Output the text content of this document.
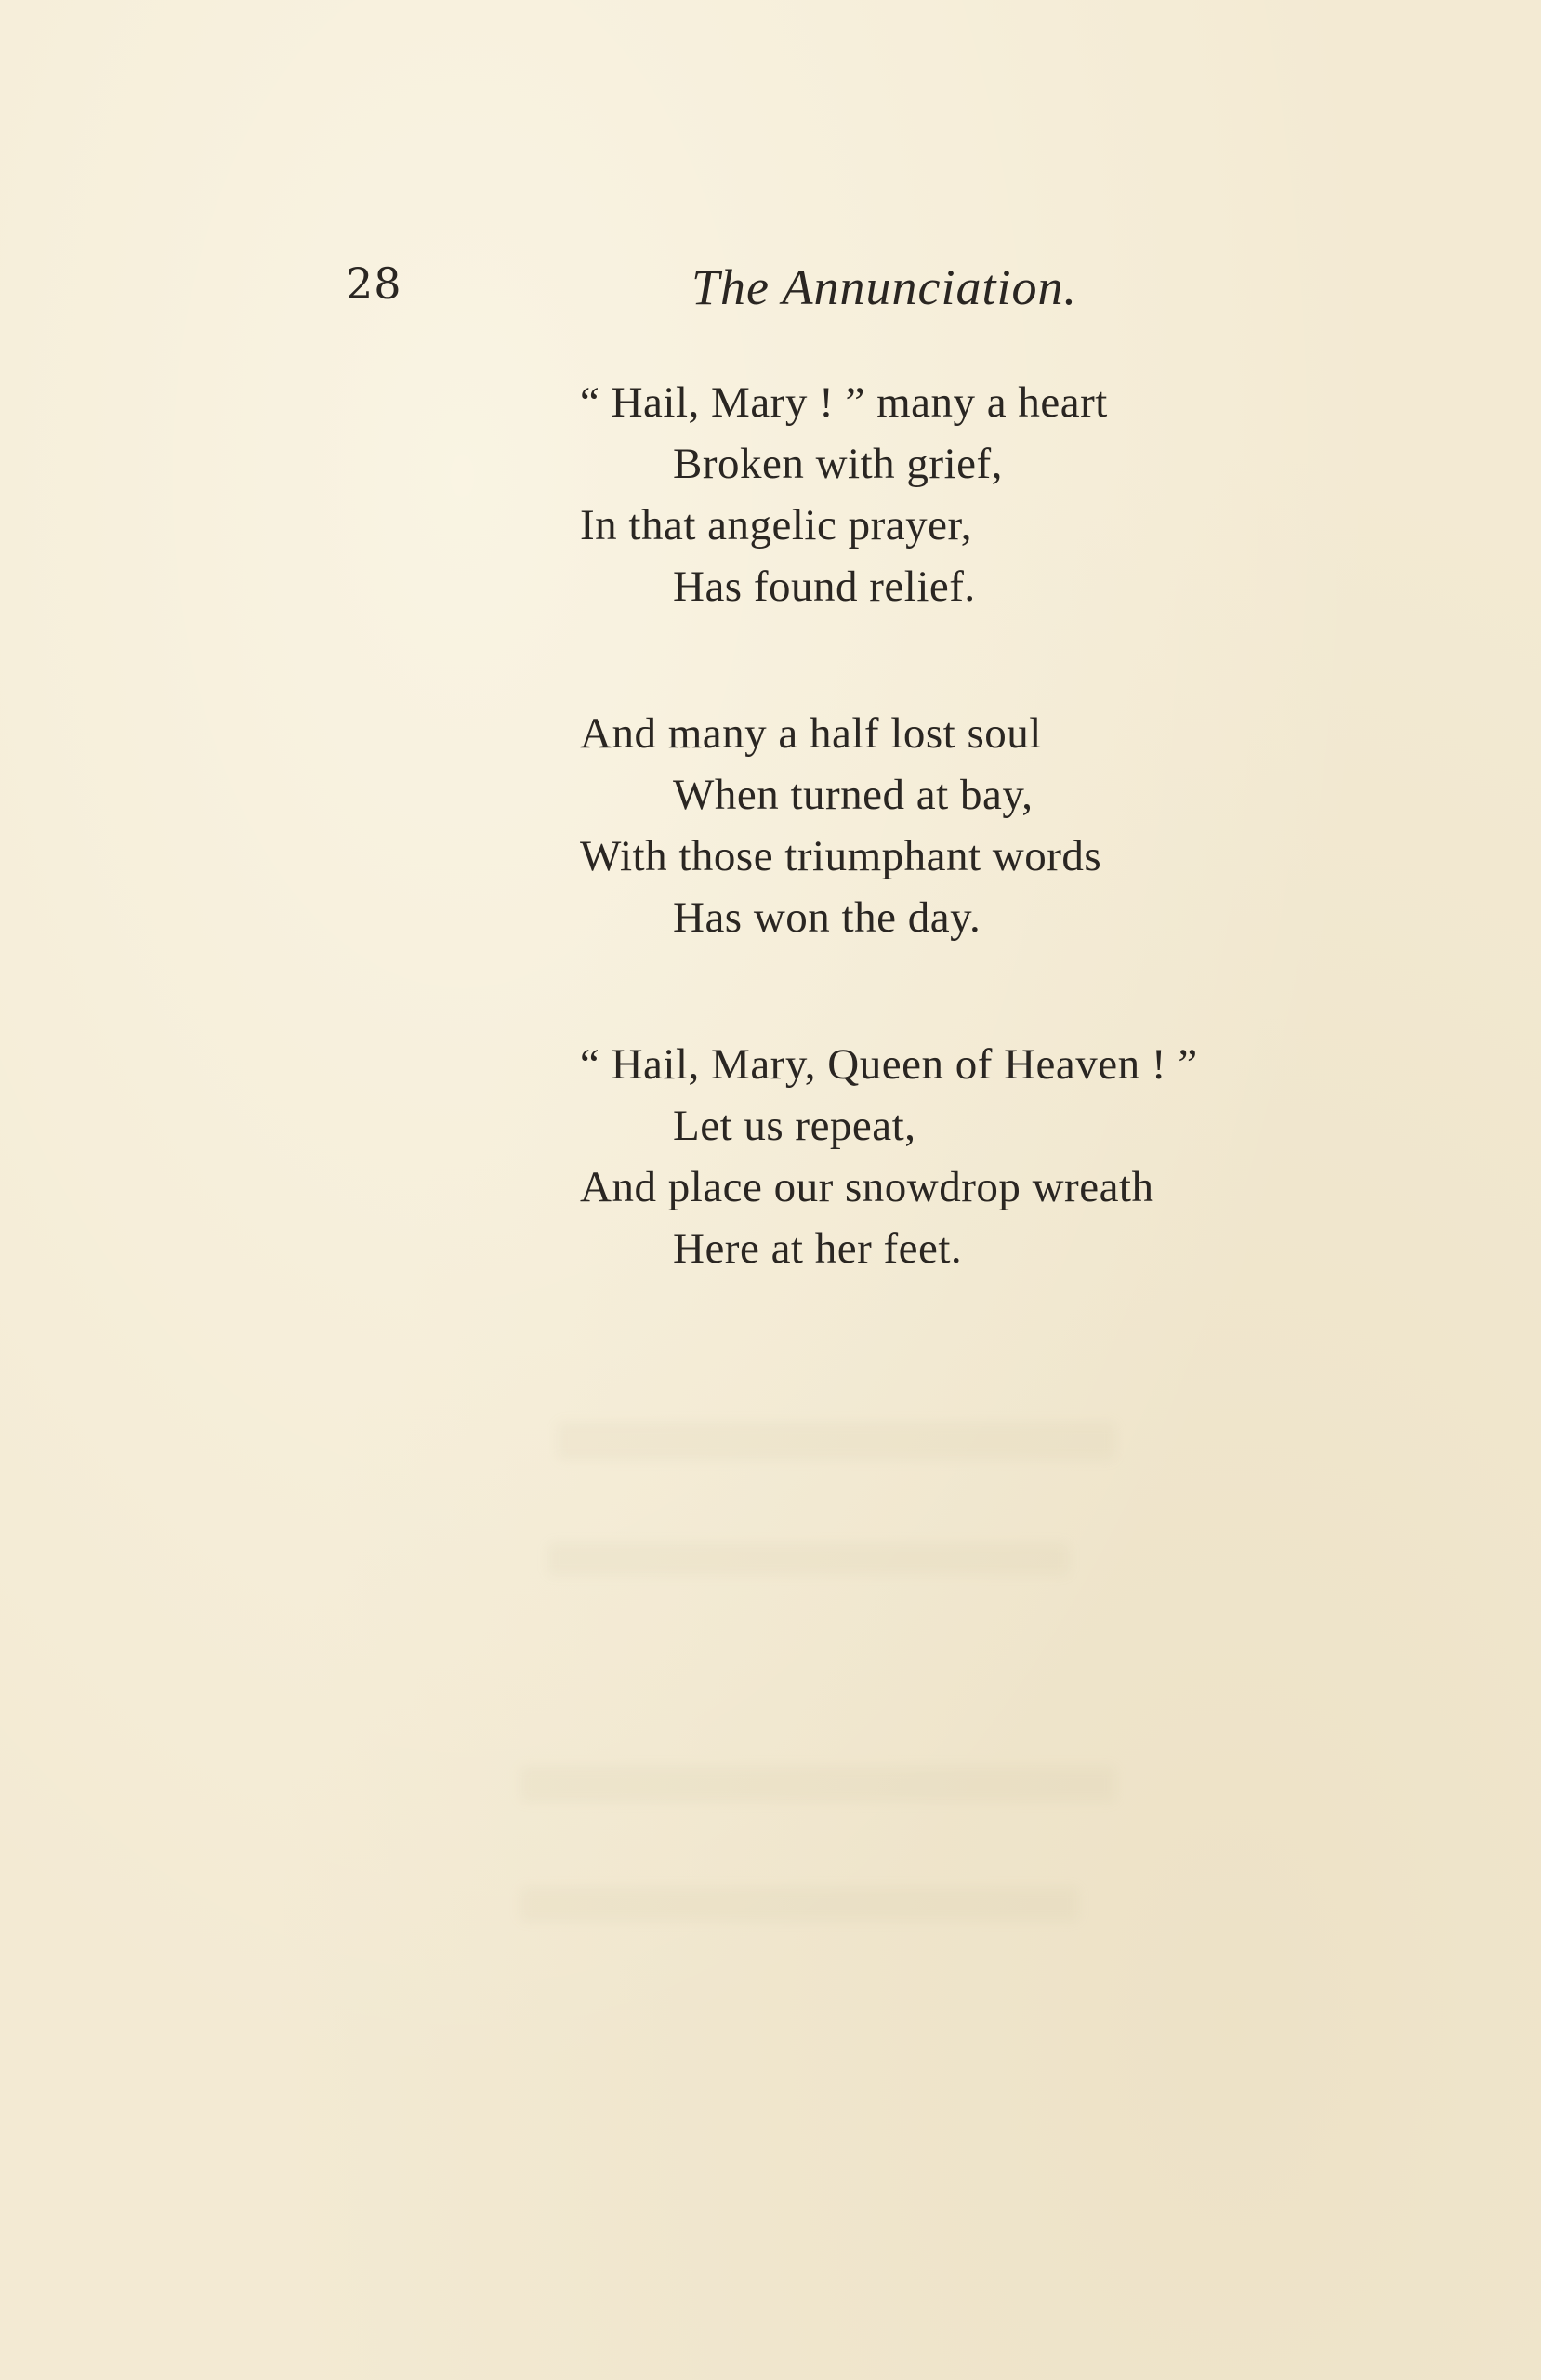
28	The Annunciation.
“ Hail, Mary ! ” many a heart
Broken with grief,
In that angelic prayer,
Has found relief.
And many a half lost soul
When turned at bay,
With those triumphant words
Has won the day.
“ Hail, Mary, Queen of Heaven ! ”
Let us repeat,
And place our snowdrop wreath
Here at her feet.
